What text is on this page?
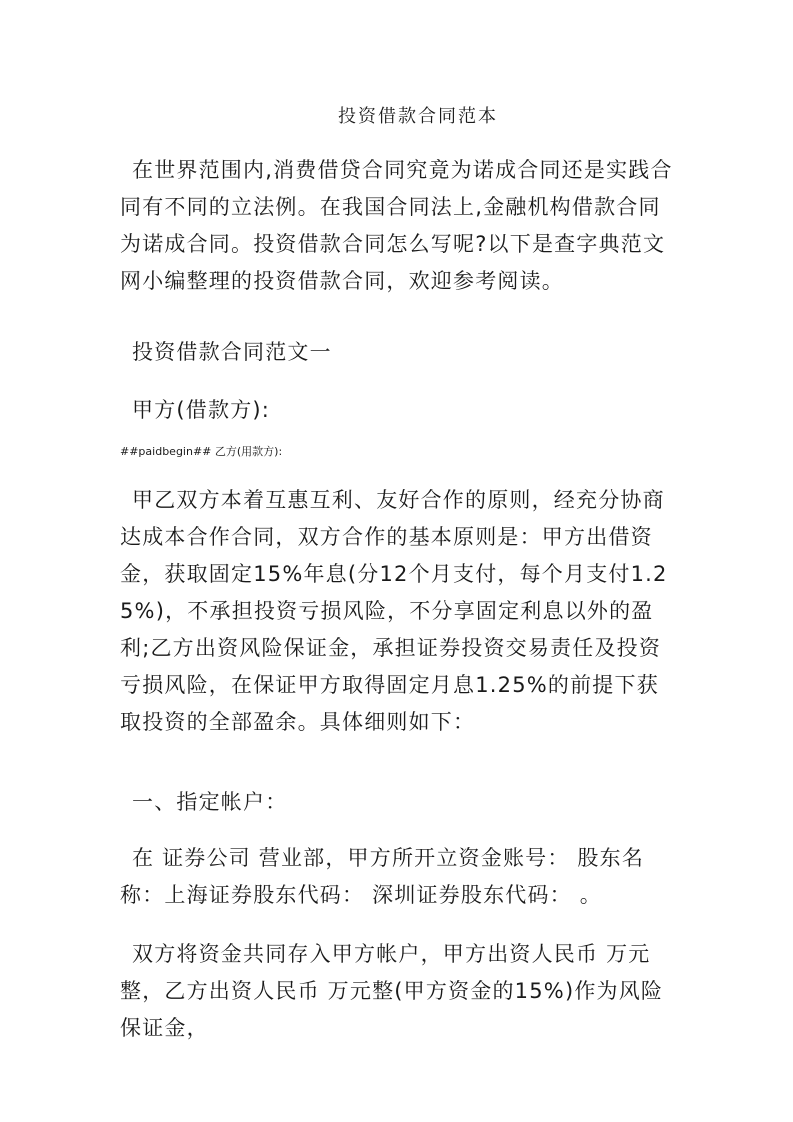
投资借款合同范本

在世界范围内,消费借贷合同究竟为诺成合同还是实践合同有不同的立法例。在我国合同法上,金融机构借款合同为诺成合同。投资借款合同怎么写呢?以下是查字典范文网小编整理的投资借款合同，欢迎参考阅读。

投资借款合同范文一

甲方(借款方):

##paidbegin## 乙方(用款方):

甲乙双方本着互惠互利、友好合作的原则，经充分协商达成本合作合同，双方合作的基本原则是：甲方出借资金，获取固定15%年息(分12个月支付，每个月支付1.25%)，不承担投资亏损风险，不分享固定利息以外的盈利;乙方出资风险保证金，承担证券投资交易责任及投资亏损风险，在保证甲方取得固定月息1.25%的前提下获取投资的全部盈余。具体细则如下：

一、指定帐户：

在 证券公司 营业部，甲方所开立资金账号： 股东名称：上海证券股东代码： 深圳证券股东代码： 。

双方将资金共同存入甲方帐户，甲方出资人民币 万元整，乙方出资人民币 万元整(甲方资金的15%)作为风险保证金，
